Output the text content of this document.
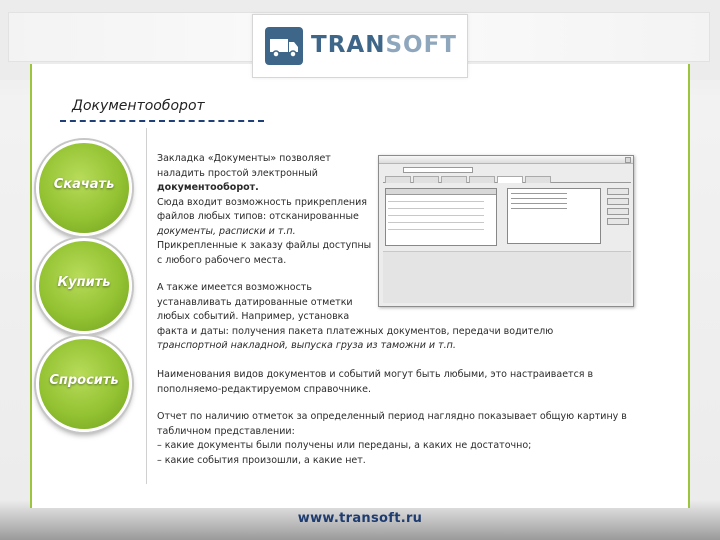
TRANSOFT
Документооборот
Скачать
Купить
Спросить
Закладка «Документы» позволяет
наладить простой электронный
документооборот.
Сюда входит возможность прикрепления
файлов любых типов: отсканированные
документы, расписки и т.п.
Прикрепленные к заказу файлы доступны
с любого рабочего места.
А также имеется возможность
устанавливать датированные отметки
любых событий. Например, установка
факта и даты: получения пакета платежных документов, передачи водителю
транспортной накладной, выпуска груза из таможни и т.п.
Наименования видов документов и событий могут быть любыми, это настраивается в
пополняемо-редактируемом справочнике.
Отчет по наличию отметок за определенный период наглядно показывает общую картину в
табличном представлении:
– какие документы были получены или переданы, а каких не достаточно;
– какие события произошли, а какие нет.
www.transoft.ru
